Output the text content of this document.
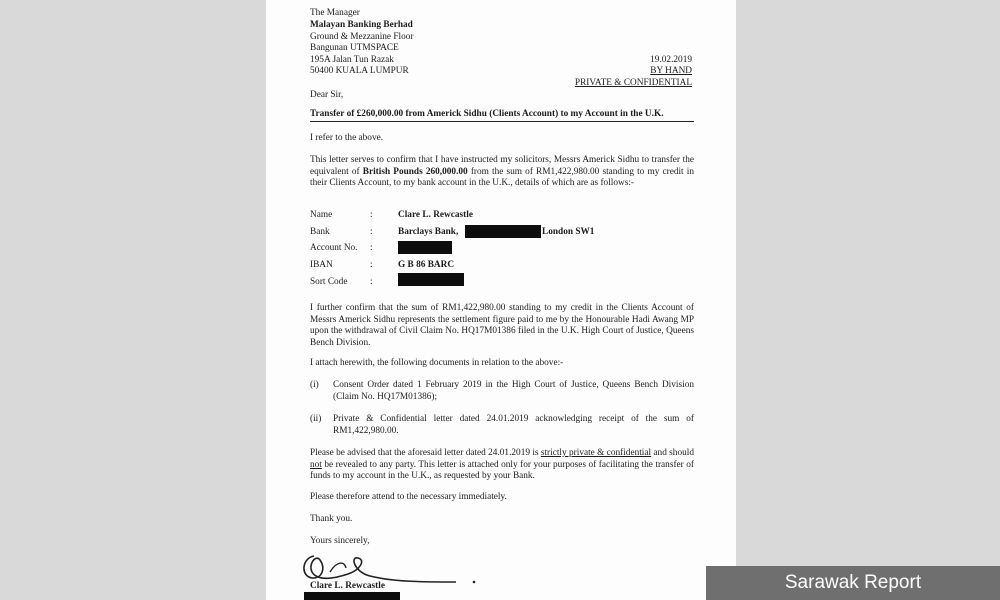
The Manager
Malayan Banking Berhad
Ground & Mezzanine Floor
Bangunan UTMSPACE
195A Jalan Tun Razak
50400 KUALA LUMPUR
19.02.2019
BY HAND
PRIVATE & CONFIDENTIAL
Dear Sir,
Transfer of £260,000.00 from Americk Sidhu (Clients Account) to my Account in the U.K.
I refer to the above.
This letter serves to confirm that I have instructed my solicitors, Messrs Americk Sidhu to transfer the equivalent of British Pounds 260,000.00 from the sum of RM1,422,980.00 standing to my credit in their Clients Account, to my bank account in the U.K., details of which are as follows:-
Name	:	Clare L. Rewcastle
Bank	:	Barclays Bank,	London SW1
Account No. :
IBAN	:	G B 86 BARC
Sort Code :
I further confirm that the sum of RM1,422,980.00 standing to my credit in the Clients Account of Messrs Americk Sidhu represents the settlement figure paid to me by the Honourable Hadi Awang MP upon the withdrawal of Civil Claim No. HQ17M01386 filed in the U.K. High Court of Justice, Queens Bench Division.
I attach herewith, the following documents in relation to the above:-
(i) Consent Order dated 1 February 2019 in the High Court of Justice, Queens Bench Division (Claim No. HQ17M01386);
(ii) Private & Confidential letter dated 24.01.2019 acknowledging receipt of the sum of RM1,422,980.00.
Please be advised that the aforesaid letter dated 24.01.2019 is strictly private & confidential and should not be revealed to any party. This letter is attached only for your purposes of facilitating the transfer of funds to my account in the U.K., as requested by your Bank.
Please therefore attend to the necessary immediately.
Thank you.
Yours sincerely,
Clare L. Rewcastle	Sarawak Report
